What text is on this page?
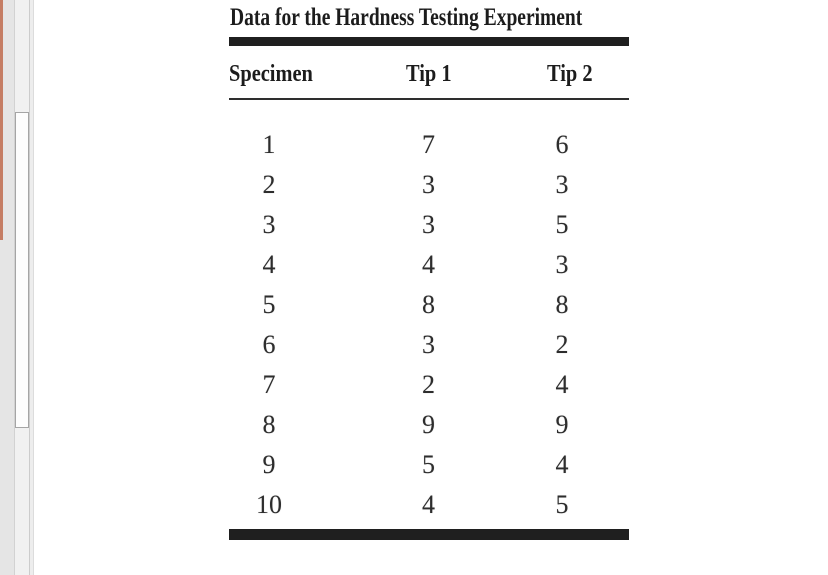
Data for the Hardness Testing Experiment
Specimen	Tip 1	Tip 2
1	7	6
2	3	3
3	3	5
4	4	3
5	8	8
6	3	2
7	2	4
8	9	9
9	5	4
10	4	5
